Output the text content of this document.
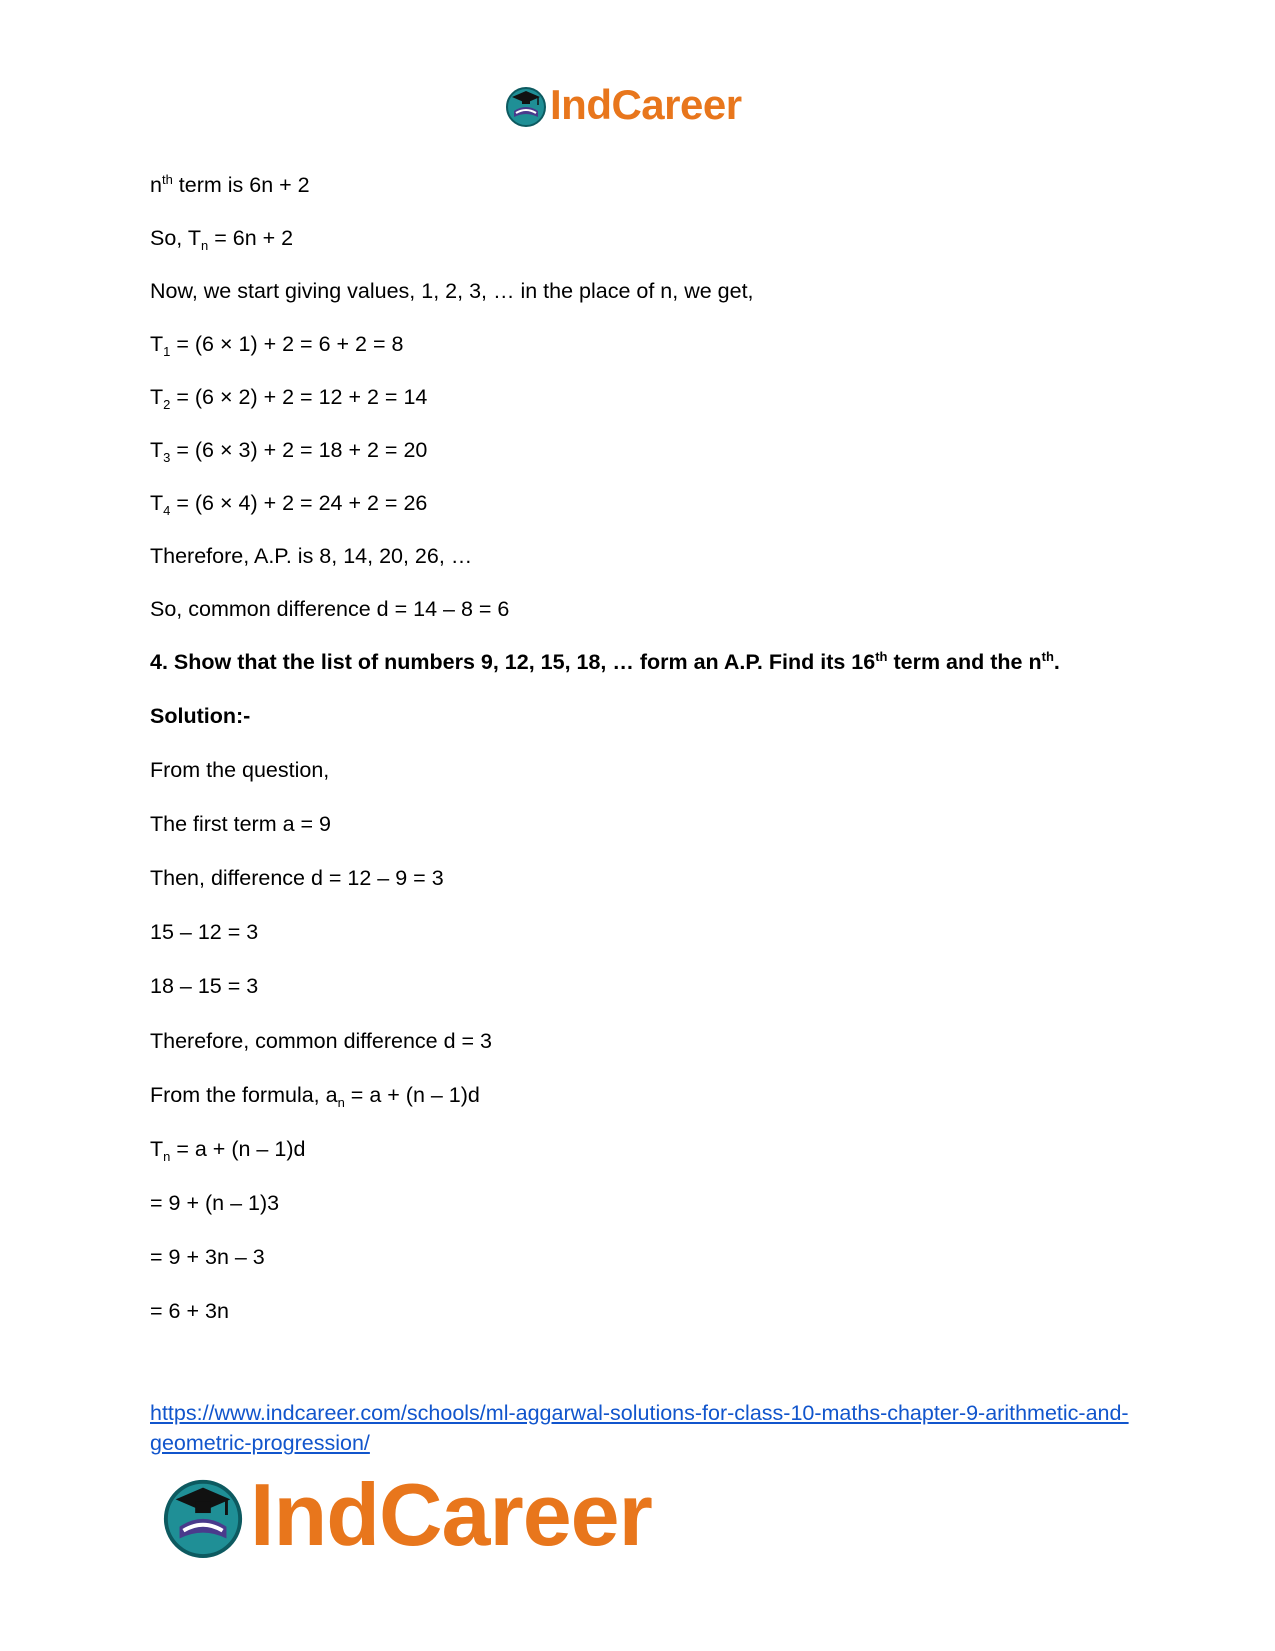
IndCareer
$n^{th}$ term is 6n + 2
So, $T_n = 6n + 2$
Now, we start giving values, 1, 2, 3, … in the place of n, we get,
$T_1 = (6 \times 1) + 2 = 6 + 2 = 8$
$T_2 = (6 \times 2) + 2 = 12 + 2 = 14$
$T_3 = (6 \times 3) + 2 = 18 + 2 = 20$
$T_4 = (6 \times 4) + 2 = 24 + 2 = 26$
Therefore, A.P. is 8, 14, 20, 26, …
So, common difference d = 14 – 8 = 6
4. Show that the list of numbers 9, 12, 15, 18, … form an A.P. Find its 16th term and the $n^{th}$.
Solution:-
From the question,
The first term a = 9
Then, difference d = 12 – 9 = 3
15 – 12 = 3
18 – 15 = 3
Therefore, common difference d = 3
From the formula, $a_n = a + (n - 1)d$
$T_n = a + (n - 1)d$
= 9 + (n – 1)3
= 9 + 3n – 3
= 6 + 3n
https://www.indcareer.com/schools/ml-aggarwal-solutions-for-class-10-maths-chapter-9-arithmetic-and-geometric-progression/
IndCareer
